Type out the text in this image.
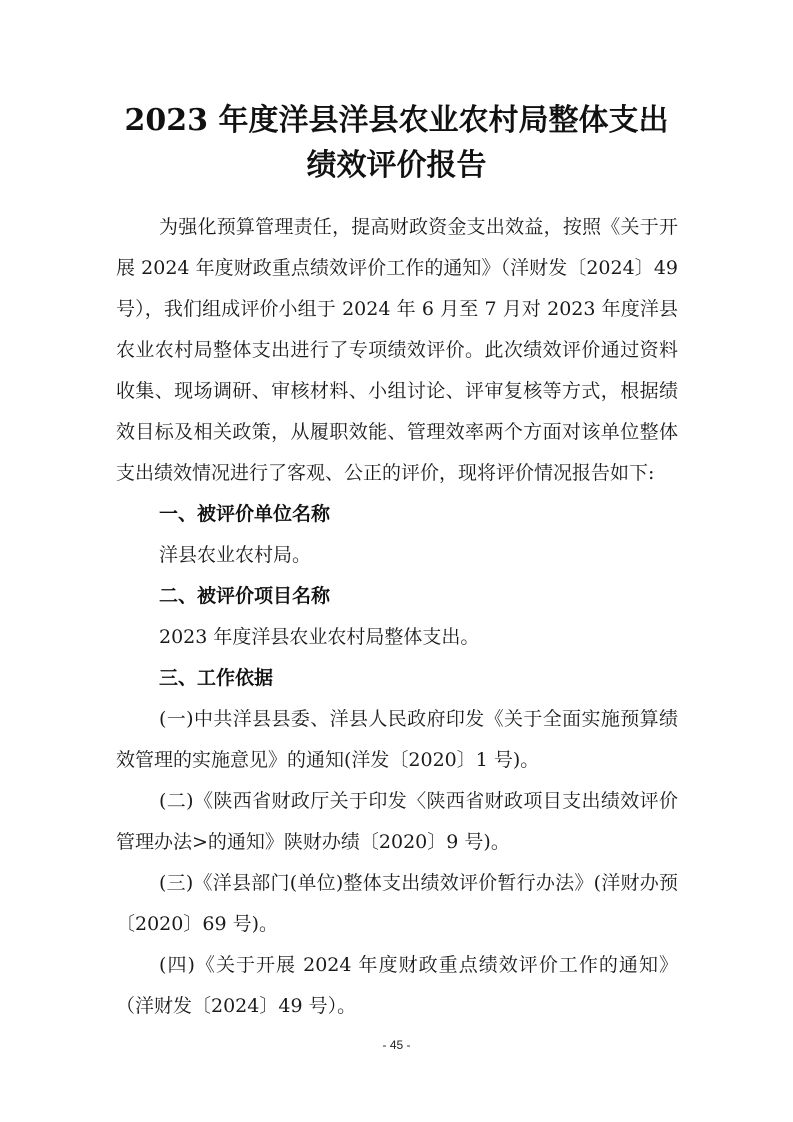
2023 年度洋县洋县农业农村局整体支出
绩效评价报告

为强化预算管理责任，提高财政资金支出效益，按照《关于开展 2024 年度财政重点绩效评价工作的通知》（洋财发〔2024〕49 号），我们组成评价小组于 2024 年 6 月至 7 月对 2023 年度洋县农业农村局整体支出进行了专项绩效评价。此次绩效评价通过资料收集、现场调研、审核材料、小组讨论、评审复核等方式，根据绩效目标及相关政策，从履职效能、管理效率两个方面对该单位整体支出绩效情况进行了客观、公正的评价，现将评价情况报告如下:

一、被评价单位名称

洋县农业农村局。

二、被评价项目名称

2023 年度洋县农业农村局整体支出。

三、工作依据

(一)中共洋县县委、洋县人民政府印发《关于全面实施预算绩效管理的实施意见》的通知(洋发〔2020〕1 号)。

(二)《陕西省财政厅关于印发〈陕西省财政项目支出绩效评价管理办法>的通知》陕财办绩〔2020〕9 号)。

(三)《洋县部门(单位)整体支出绩效评价暂行办法》(洋财办预〔2020〕69 号)。

(四)《关于开展 2024 年度财政重点绩效评价工作的通知》（洋财发〔2024〕49 号）。

- 45 -
